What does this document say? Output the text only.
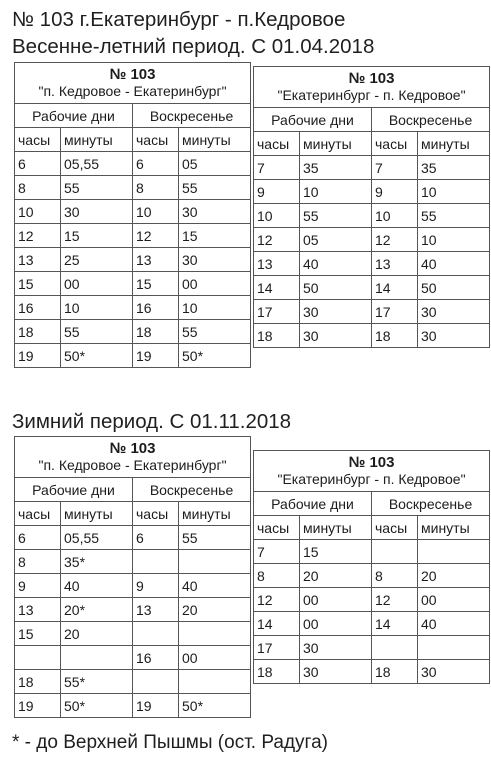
№ 103 г.Екатеринбург - п.Кедровое
Весенне-летний период. С 01.04.2018
№ 103
"п. Кедровое - Екатеринбург"			
Рабочие дни		Воскресенье	
часы	минуты	часы	минуты
6	05,55	6	05
8	55	8	55
10	30	10	30
12	15	12	15
13	25	13	30
15	00	15	00
16	10	16	10
18	55	18	55
19	50*	19	50*
№ 103
"Екатеринбург - п. Кедровое"			
Рабочие дни		Воскресенье	
часы	минуты	часы	минуты
7	35	7	35
9	10	9	10
10	55	10	55
12	05	12	10
13	40	13	40
14	50	14	50
17	30	17	30
18	30	18	30
Зимний период. С 01.11.2018
№ 103
"п. Кедровое - Екатеринбург"			
Рабочие дни		Воскресенье	
часы	минуты	часы	минуты
6	05,55	6	55
8	35*		
9	40	9	40
13	20*	13	20
15	20		
		16	00
18	55*		
19	50*	19	50*
№ 103
"Екатеринбург - п. Кедровое"			
Рабочие дни		Воскресенье	
часы	минуты	часы	минуты
7	15		
8	20	8	20
12	00	12	00
14	00	14	40
17	30		
18	30	18	30
* - до Верхней Пышмы (ост. Радуга)
